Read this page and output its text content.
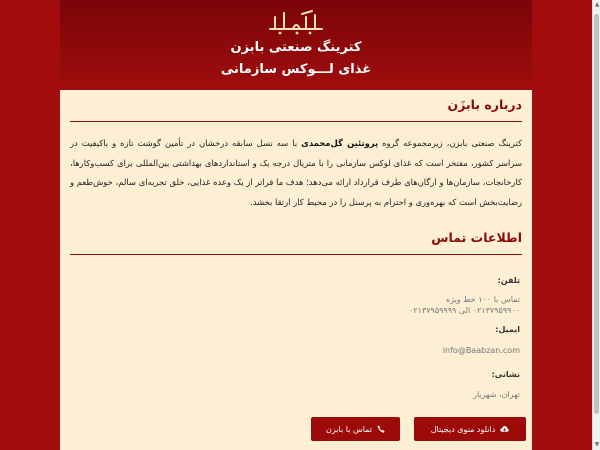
▲
▼
کترینگ صنعتی بابزن
غذای لـــوکس سازمانی
درباره بابزَن
کترینگ صنعتی بابزن، زیرمجموعه گروه پروتئین گل‌محمدی با سه نسل سابقه درخشان در تأمین گوشت تازه و باکیفیت در سراسر کشور، مفتخر است که غذای لوکس سازمانی را با متریال درجه یک و استانداردهای بهداشتی بین‌المللی برای کسب‌وکارها، کارخانجات، سازمان‌ها و ارگان‌های طرف قرارداد ارائه می‌دهد؛ هدف ما فراتر از یک وعده غذایی، خلق تجربه‌ای سالم، خوش‌طعم و رضایت‌بخش است که بهره‌وری و احترام به پرسنل را در محیط کار ارتقا بخشد.
اطلاعات تماس
تلفن:
تماس با ۱۰۰ خط ویژه
۰۲۱۳۷۹۵۹۹۰۰ الی ۰۲۱۳۷۹۵۹۹۹۹
ایمیل:
info@Baabzan.com
نشانی:
تهران، شهریار
دانلود منوی دیجیتال
تماس با بابزن
